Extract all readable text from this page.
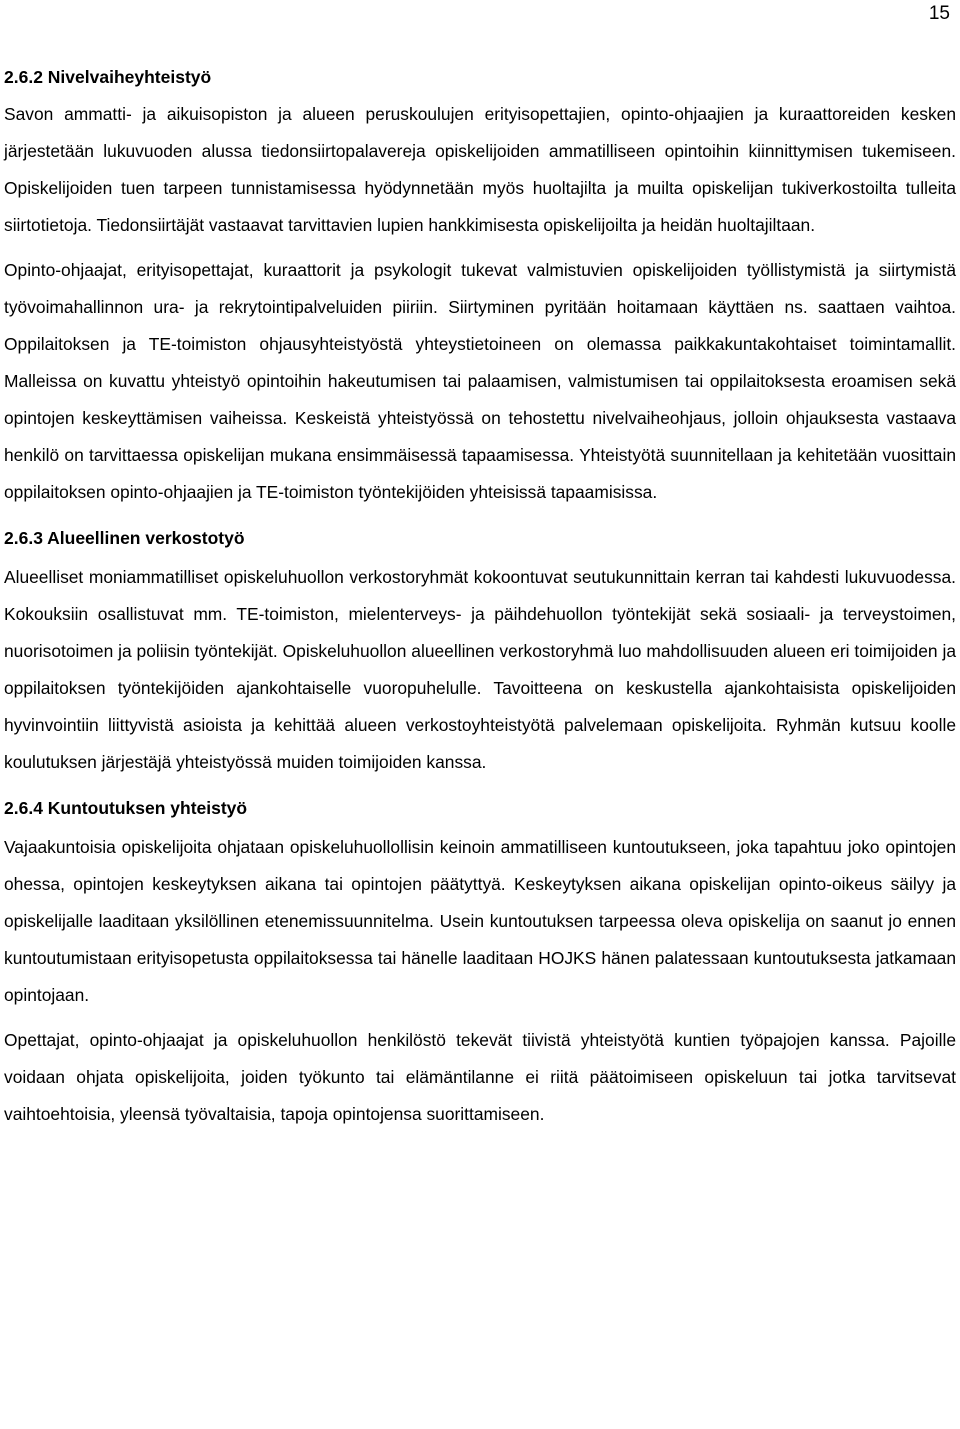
15
2.6.2 Nivelvaiheyhteistyö

Savon ammatti- ja aikuisopiston ja alueen peruskoulujen erityisopettajien, opinto-ohjaajien ja kuraattoreiden kesken järjestetään lukuvuoden alussa tiedonsiirtopalavereja opiskelijoiden ammatilliseen opintoihin kiinnittymisen tukemiseen. Opiskelijoiden tuen tarpeen tunnistamisessa hyödynnetään myös huoltajilta ja muilta opiskelijan tukiverkostoilta tulleita siirtotietoja. Tiedonsiirtäjät vastaavat tarvittavien lupien hankkimisesta opiskelijoilta ja heidän huoltajiltaan.

Opinto-ohjaajat, erityisopettajat, kuraattorit ja psykologit tukevat valmistuvien opiskelijoiden työllistymistä ja siirtymistä työvoimahallinnon ura- ja rekrytointipalveluiden piiriin. Siirtyminen pyritään hoitamaan käyttäen ns. saattaen vaihtoa. Oppilaitoksen ja TE-toimiston ohjausyhteistyöstä yhteystietoineen on olemassa paikkakuntakohtaiset toimintamallit. Malleissa on kuvattu yhteistyö opintoihin hakeutumisen tai palaamisen, valmistumisen tai oppilaitoksesta eroamisen sekä opintojen keskeyttämisen vaiheissa. Keskeistä yhteistyössä on tehostettu nivelvaiheohjaus, jolloin ohjauksesta vastaava henkilö on tarvittaessa opiskelijan mukana ensimmäisessä tapaamisessa. Yhteistyötä suunnitellaan ja kehitetään vuosittain oppilaitoksen opinto-ohjaajien ja TE-toimiston työntekijöiden yhteisissä tapaamisissa.

2.6.3 Alueellinen verkostotyö

Alueelliset moniammatilliset opiskeluhuollon verkostoryhmät kokoontuvat seutukunnittain kerran tai kahdesti lukuvuodessa. Kokouksiin osallistuvat mm. TE-toimiston, mielenterveys- ja päihdehuollon työntekijät sekä sosiaali- ja terveystoimen, nuorisotoimen ja poliisin työntekijät. Opiskeluhuollon alueellinen verkostoryhmä luo mahdollisuuden alueen eri toimijoiden ja oppilaitoksen työntekijöiden ajankohtaiselle vuoropuhelulle. Tavoitteena on keskustella ajankohtaisista opiskelijoiden hyvinvointiin liittyvistä asioista ja kehittää alueen verkostoyhteistyötä palvelemaan opiskelijoita. Ryhmän kutsuu koolle koulutuksen järjestäjä yhteistyössä muiden toimijoiden kanssa.

2.6.4 Kuntoutuksen yhteistyö

Vajaakuntoisia opiskelijoita ohjataan opiskeluhuollollisin keinoin ammatilliseen kuntoutukseen, joka tapahtuu joko opintojen ohessa, opintojen keskeytyksen aikana tai opintojen päätyttyä. Keskeytyksen aikana opiskelijan opinto-oikeus säilyy ja opiskelijalle laaditaan yksilöllinen etenemissuunnitelma. Usein kuntoutuksen tarpeessa oleva opiskelija on saanut jo ennen kuntoutumistaan erityisopetusta oppilaitoksessa tai hänelle laaditaan HOJKS hänen palatessaan kuntoutuksesta jatkamaan opintojaan.

Opettajat, opinto-ohjaajat ja opiskeluhuollon henkilöstö tekevät tiivistä yhteistyötä kuntien työpajojen kanssa. Pajoille voidaan ohjata opiskelijoita, joiden työkunto tai elämäntilanne ei riitä päätoimiseen opiskeluun tai jotka tarvitsevat vaihtoehtoisia, yleensä työvaltaisia, tapoja opintojensa suorittamiseen.
